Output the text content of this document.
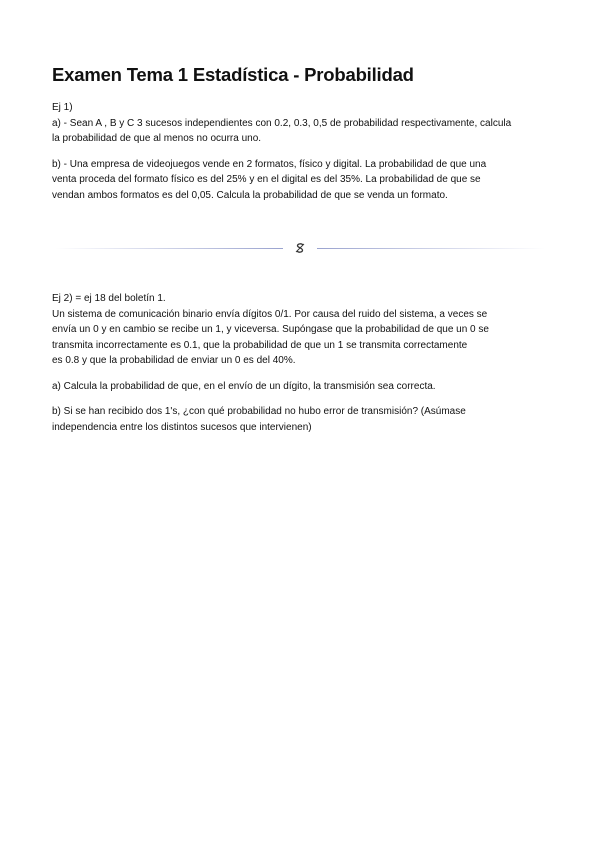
Examen Tema 1 Estadística - Probabilidad

Ej 1)

a) - Sean A , B y C 3 sucesos independientes con 0.2, 0.3, 0,5 de probabilidad respectivamente, calcula

la probabilidad de que al menos no ocurra uno.

b) - Una empresa de videojuegos vende en 2 formatos, físico y digital. La probabilidad de que una

venta proceda del formato físico es del 25% y en el digital es del 35%. La probabilidad de que se

vendan ambos formatos es del 0,05. Calcula la probabilidad de que se venda un formato.

Ej 2) = ej 18 del boletín 1.

Un sistema de comunicación binario envía dígitos 0/1. Por causa del ruido del sistema, a veces se

envía un 0 y en cambio se recibe un 1, y viceversa. Supóngase que la probabilidad de que un 0 se

transmita incorrectamente es 0.1, que la probabilidad de que un 1 se transmita correctamente

es 0.8 y que la probabilidad de enviar un 0 es del 40%.

a) Calcula la probabilidad de que, en el envío de un dígito, la transmisión sea correcta.

b) Si se han recibido dos 1's, ¿con qué probabilidad no hubo error de transmisión? (Asúmase

independencia entre los distintos sucesos que intervienen)
